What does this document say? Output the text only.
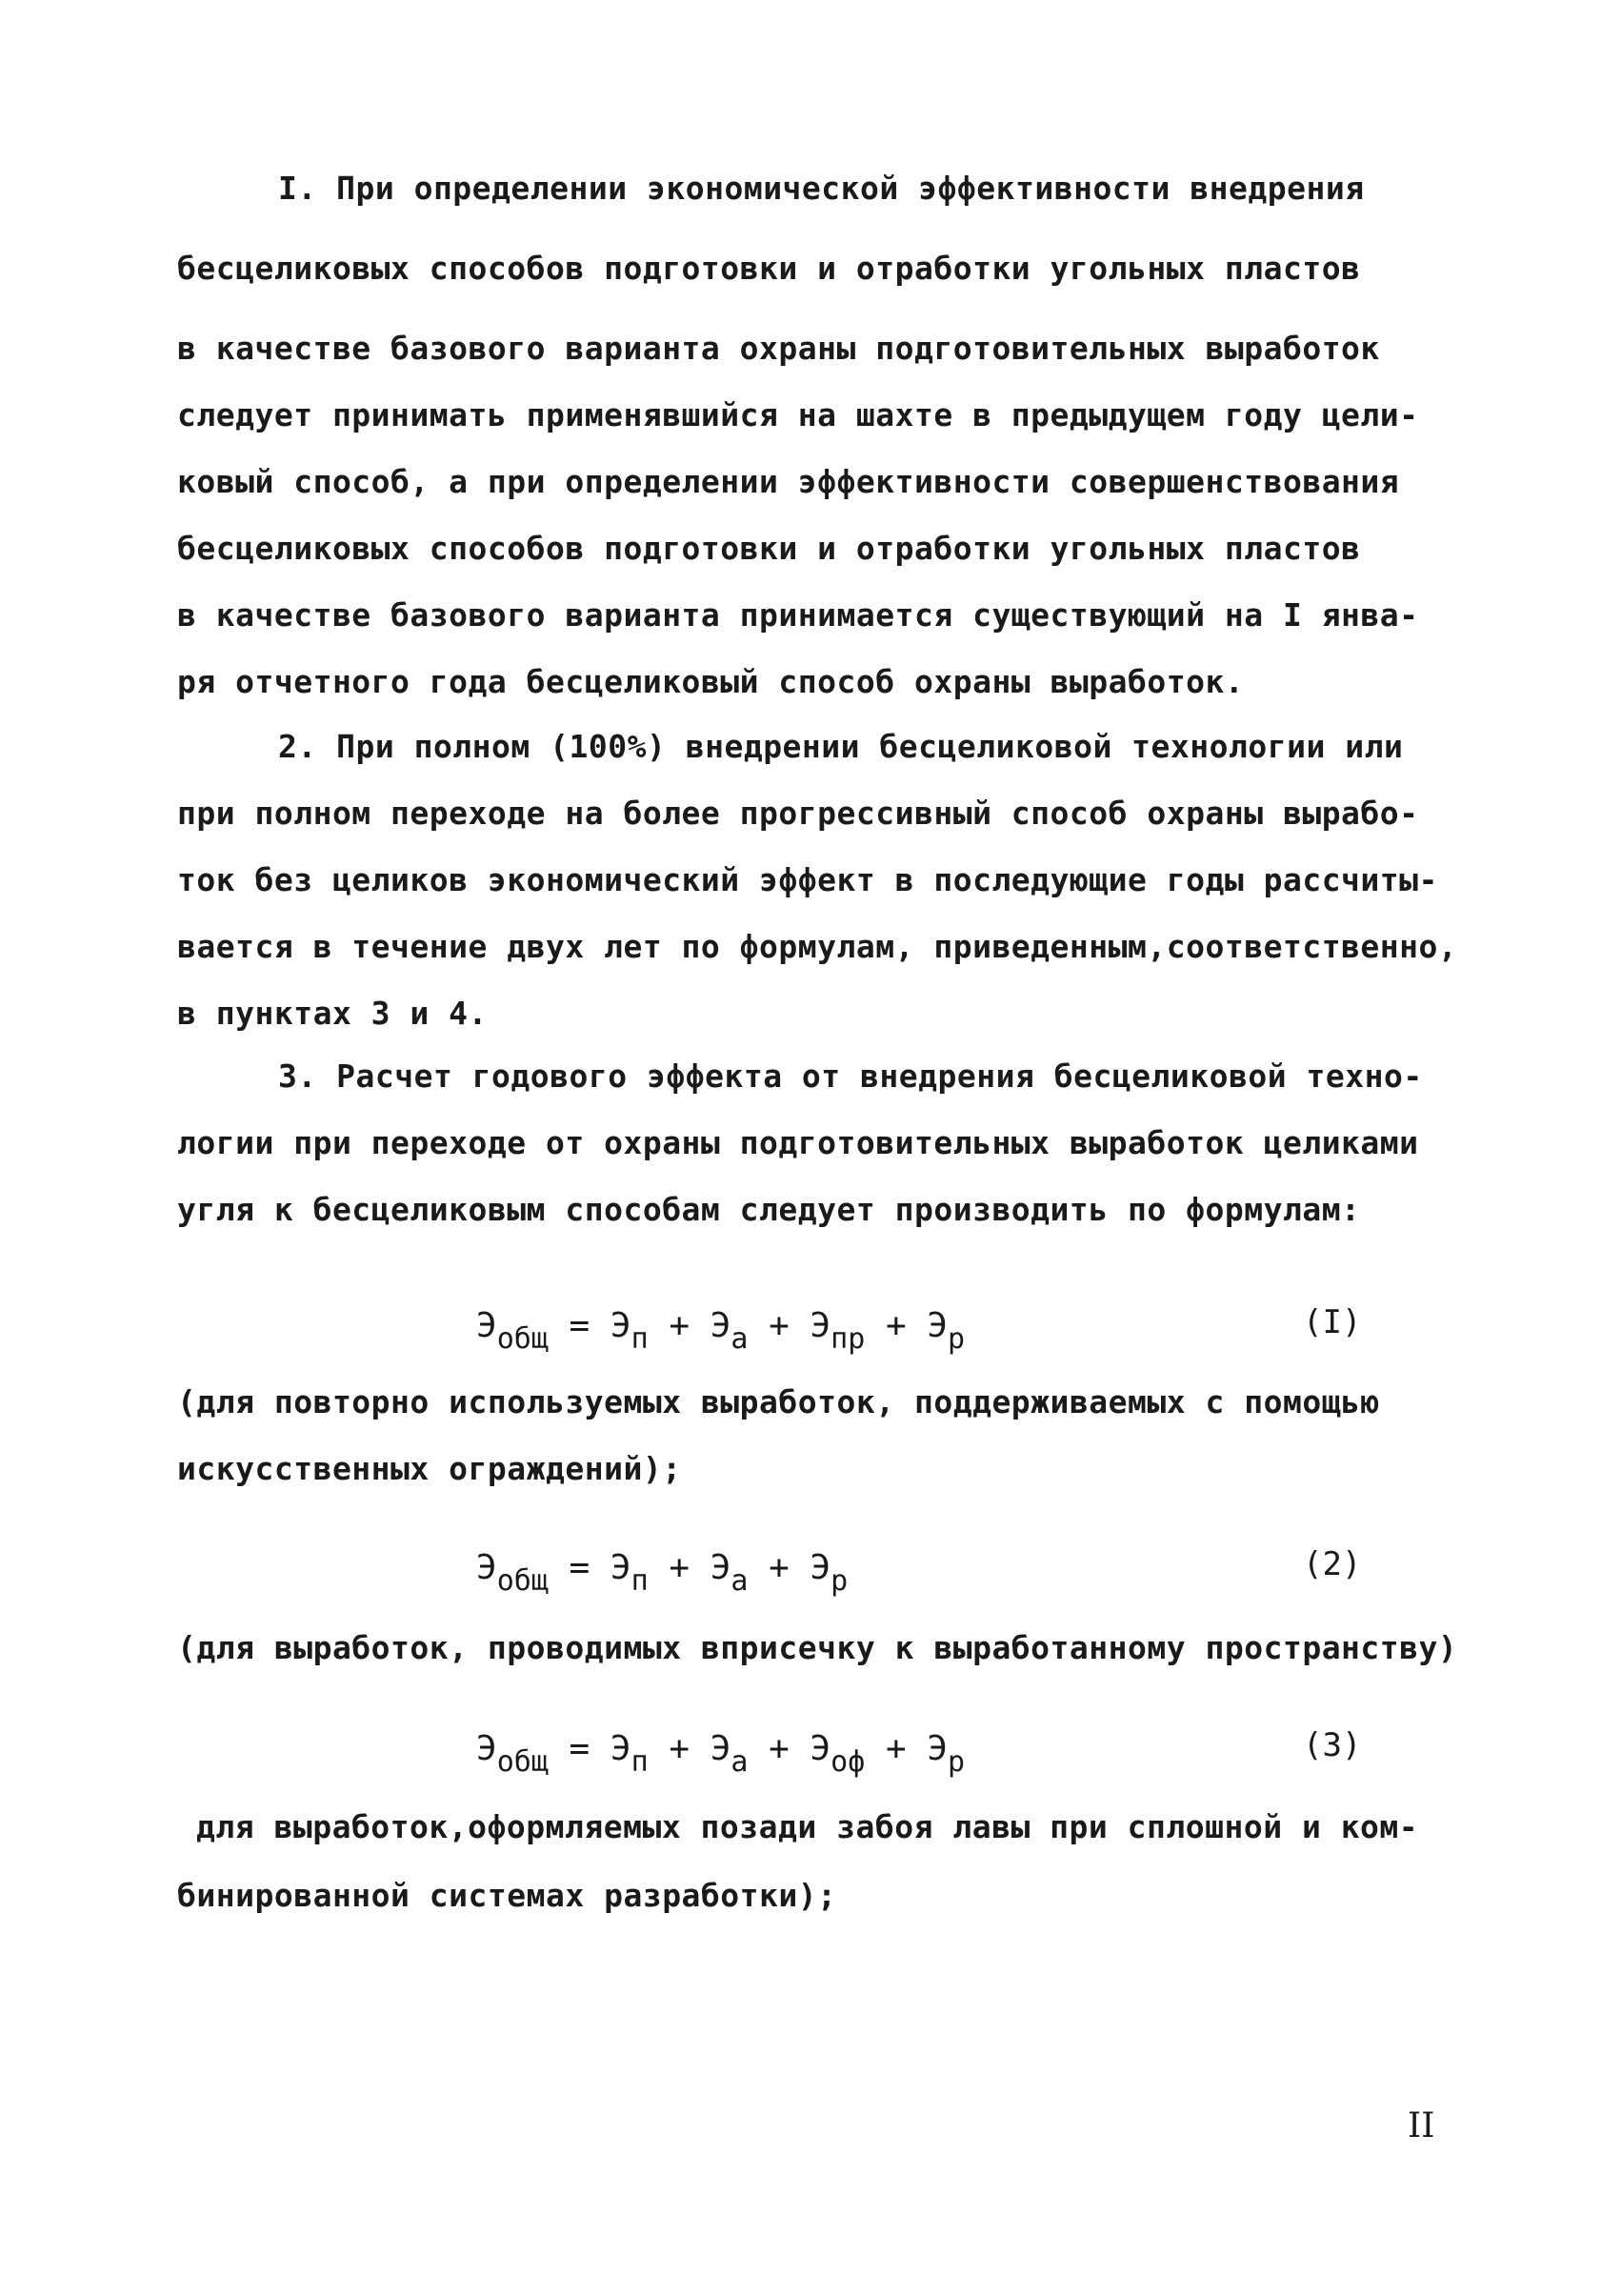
I. При определении экономической эффективности внедрения
бесцеликовых способов подготовки и отработки угольных пластов
в качестве базового варианта охраны подготовительных выработок
следует принимать применявшийся на шахте в предыдущем году цели-
ковый способ, а при определении эффективности совершенствования
бесцеликовых способов подготовки и отработки угольных пластов
в качестве базового варианта принимается существующий на I янва-
ря отчетного года бесцеликовый способ охраны выработок.
2. При полном (100%) внедрении бесцеликовой технологии или
при полном переходе на более прогрессивный способ охраны вырабо-
ток без целиков экономический эффект в последующие годы рассчиты-
вается в течение двух лет по формулам, приведенным,соответственно,
в пунктах 3 и 4.
3. Расчет годового эффекта от внедрения бесцеликовой техно-
логии при переходе от охраны подготовительных выработок целиками
угля к бесцеликовым способам следует производить по формулам:
$Э_{общ} = Э_п + Э_а + Э_{пр} + Э_р$	(I)
(для повторно используемых выработок, поддерживаемых с помощью
искусственных ограждений);
$Э_{общ} = Э_п + Э_а + Э_р$	(2)
(для выработок, проводимых вприсечку к выработанному пространству)
$Э_{общ} = Э_п + Э_а + Э_{оф} + Э_р$	(3)
для выработок,оформляемых позади забоя лавы при сплошной и ком-
бинированной системах разработки);
II
